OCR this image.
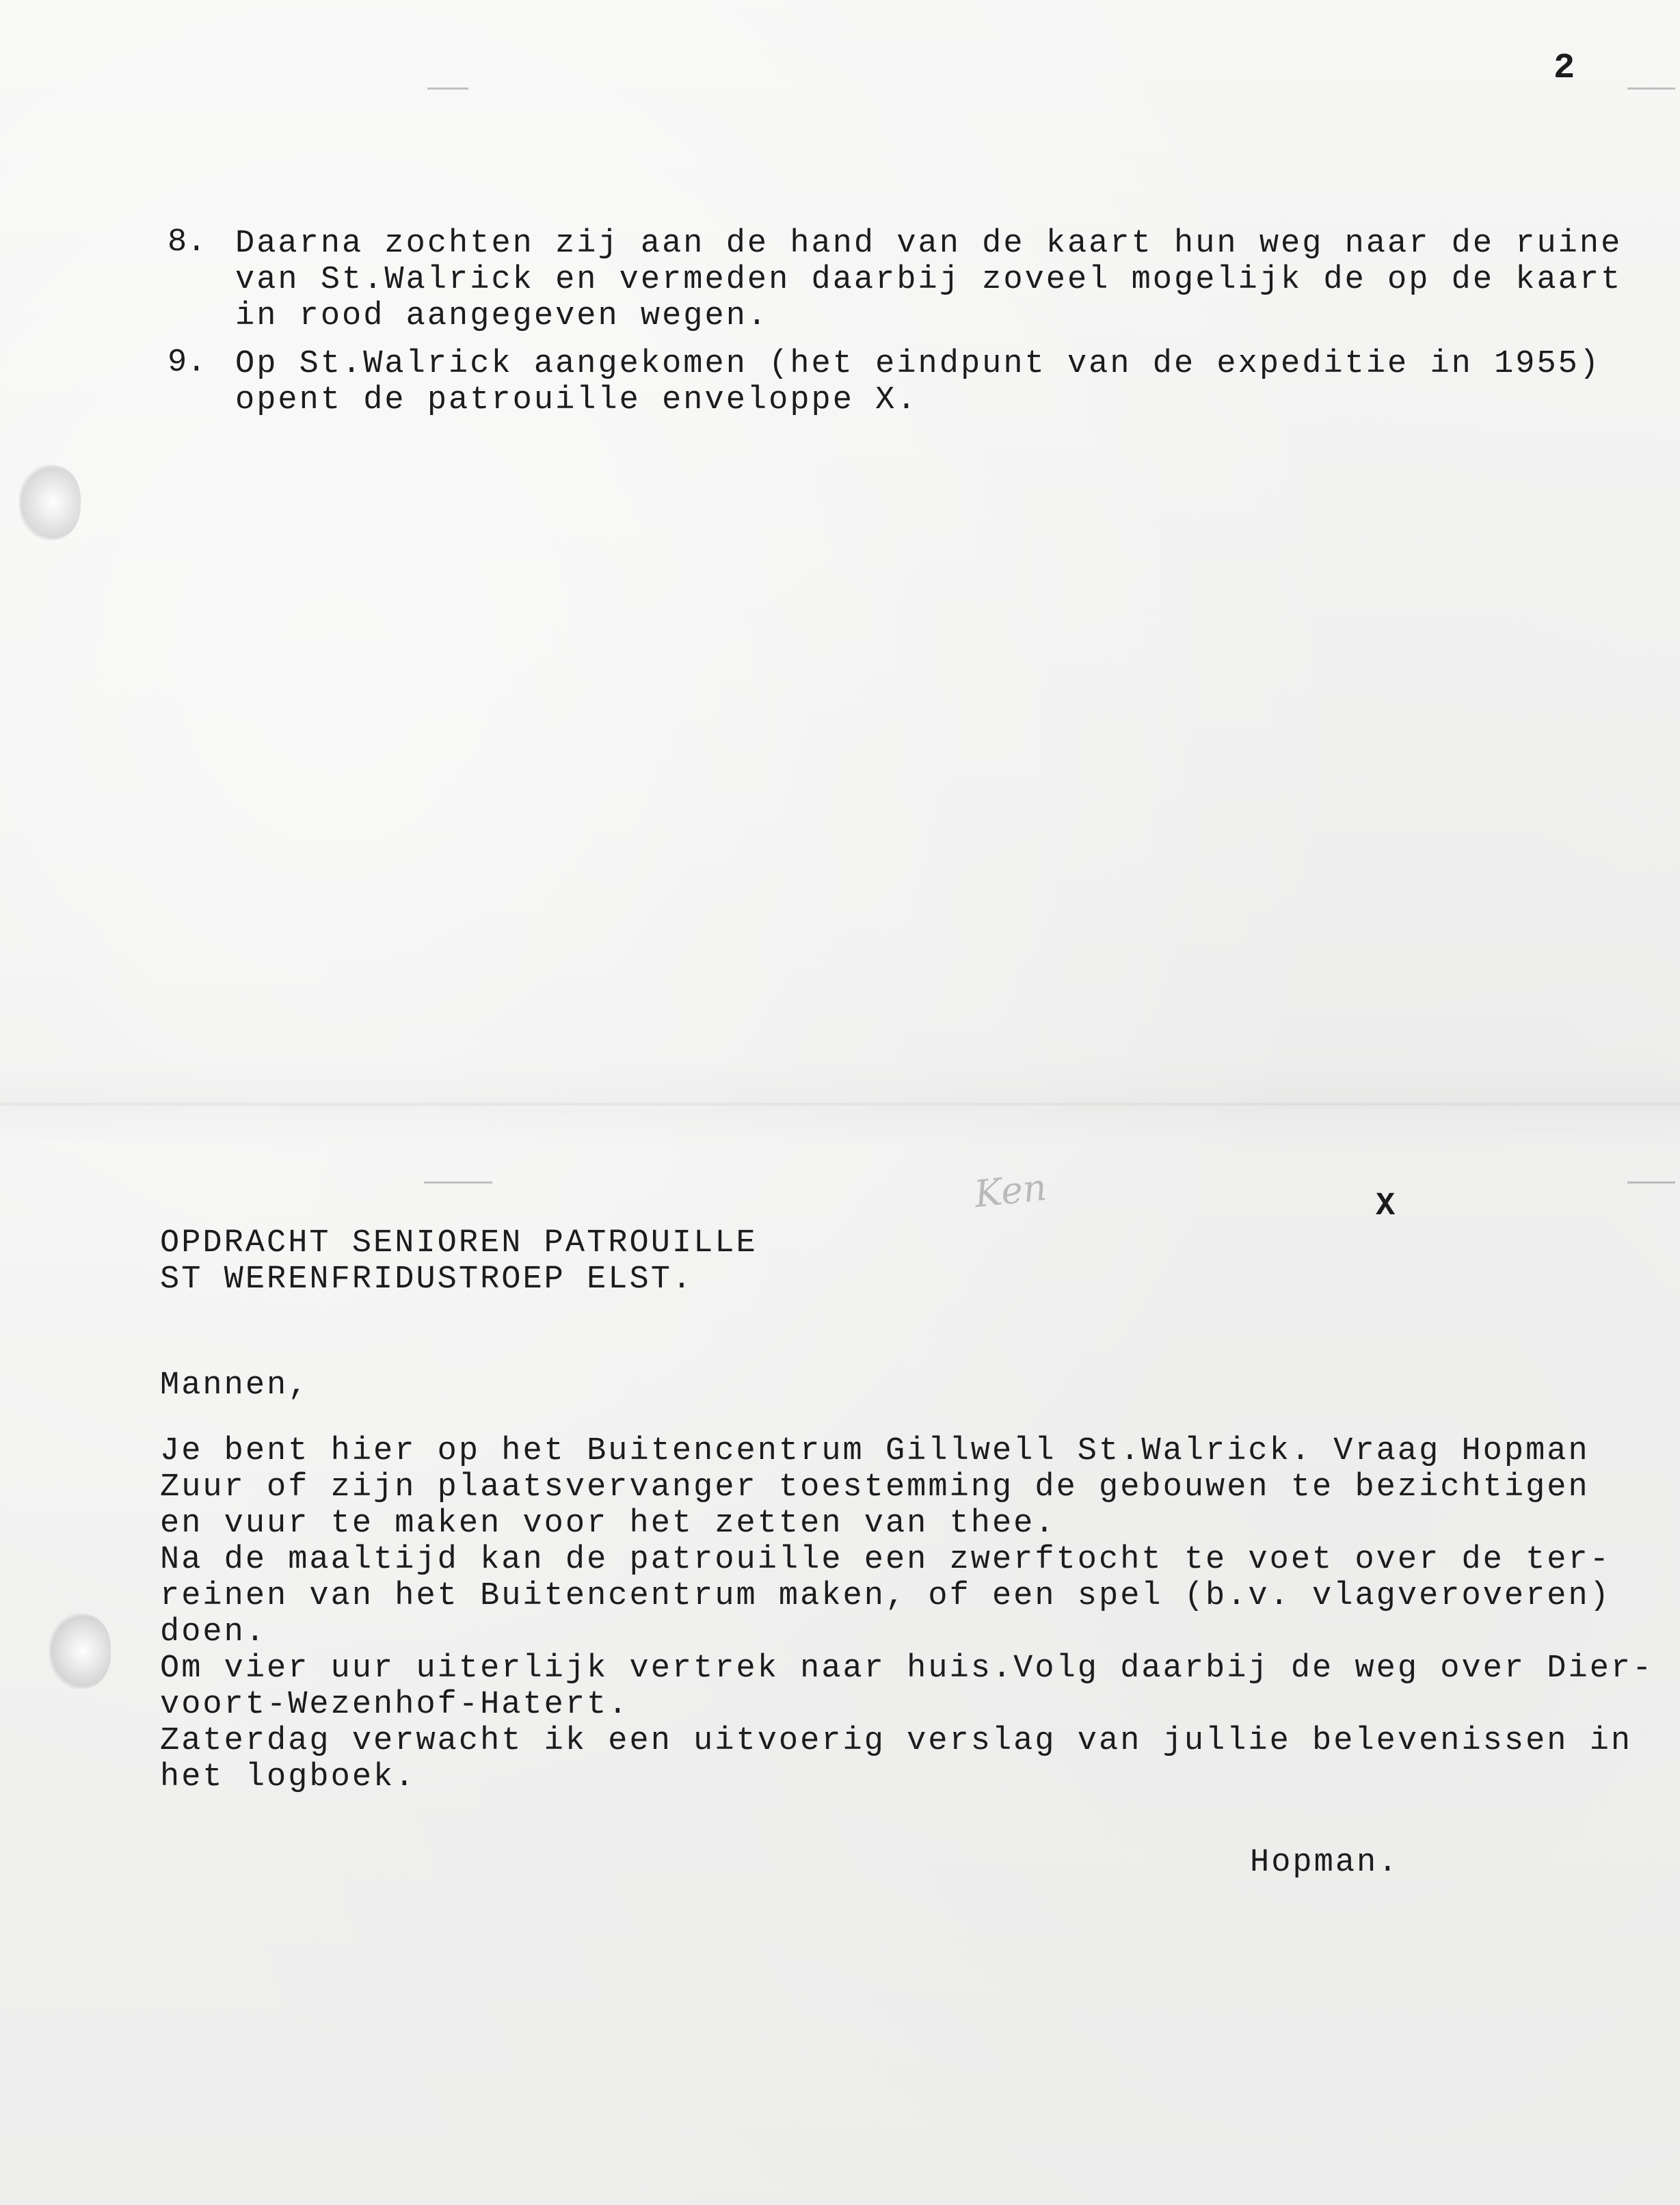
2
8. Daarna zochten zij aan de hand van de kaart hun weg naar de ruine
van St.Walrick en vermeden daarbij zoveel mogelijk de op de kaart
in rood aangegeven wegen.
9. Op St.Walrick aangekomen (het eindpunt van de expeditie in 1955)
opent de patrouille enveloppe X.
Ken	X
OPDRACHT SENIOREN PATROUILLE
ST WERENFRIDUSTROEP ELST.
Mannen,
Je bent hier op het Buitencentrum Gillwell St.Walrick. Vraag Hopman
Zuur of zijn plaatsvervanger toestemming de gebouwen te bezichtigen
en vuur te maken voor het zetten van thee.
Na de maaltijd kan de patrouille een zwerftocht te voet over de ter-
reinen van het Buitencentrum maken, of een spel (b.v. vlagveroveren)
doen.
Om vier uur uiterlijk vertrek naar huis.Volg daarbij de weg over Dier-
voort-Wezenhof-Hatert.
Zaterdag verwacht ik een uitvoerig verslag van jullie belevenissen in
het logboek.
Hopman.
